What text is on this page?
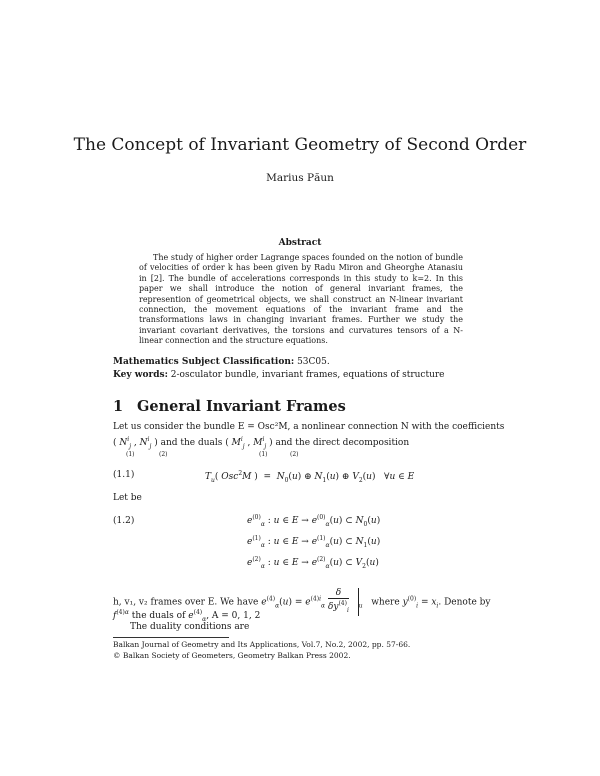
The Concept of Invariant Geometry of Second Order
Marius Păun
Abstract
The study of higher order Lagrange spaces founded on the notion of bundle of velocities of order k has been given by Radu Miron and Gheorghe Atanasiu in [2]. The bundle of accelerations corresponds in this study to k=2. In this paper we shall introduce the notion of general invariant frames, the represention of geometrical objects, we shall construct an N-linear invariant connection, the movement equations of the invariant frame and the transformations laws in changing invariant frames. Further we study the invariant covariant derivatives, the torsions and curvatures tensors of a N-linear connection and the structure equations.
Mathematics Subject Classification: 53C05.
Key words: 2-osculator bundle, invariant frames, equations of structure
1 General Invariant Frames
Let us consider the bundle E = Osc²M, a nonlinear connection N with the coefficients
( $N^i_j$ , $N^i_j$ ) and the duals ( $M^i_j$ , $M^i_j$ ) and the direct decomposition
(1)	(2)	(1)	(2)
(1.1)	$T_u$( Osc$^2$M )  =  $N_0(u)$ ⊕ $N_1(u)$ ⊕ $V_2(u)$   ∀u ∈ E
Let be
(1.2)	$e^{(0)}_\alpha$ : u ∈ $E \to e^{(0)}_\alpha(u)$ ⊂ $N_0(u)$
$e^{(1)}_\alpha$ : u ∈ $E \to e^{(1)}_\alpha(u)$ ⊂ $N_1(u)$
$e^{(2)}_\alpha$ : u ∈ $E \to e^{(2)}_\alpha(u)$ ⊂ $V_2(u)$
h, v₁, v₂ frames over E. We have $e^{(4)}_\alpha(u) = e^{(4)i}_\alpha \frac{\delta}{\delta y^{(4)}_i} _u$ where $y^{(0)}_i = x_i$. Denote by
$f^{(4)\alpha}$ the duals of $e^{(4)}_\alpha$, A = 0, 1, 2
The duality conditions are
Balkan Journal of Geometry and Its Applications, Vol.7, No.2, 2002, pp. 57-66.
© Balkan Society of Geometers, Geometry Balkan Press 2002.
